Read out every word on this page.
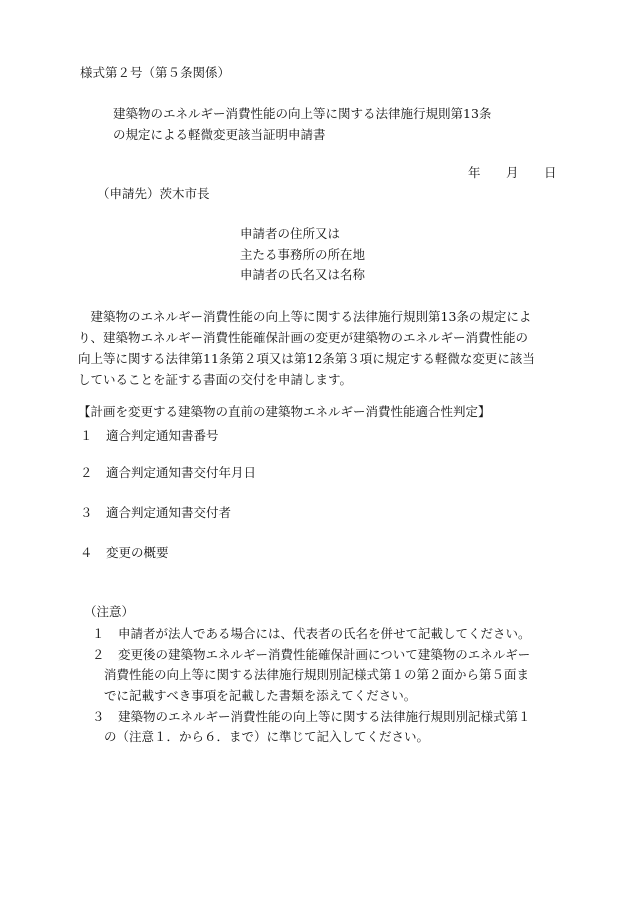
様式第２号（第５条関係）
建築物のエネルギー消費性能の向上等に関する法律施行規則第13条
の規定による軽微変更該当証明申請書
年	月	日
（申請先）茨木市長
申請者の住所又は
主たる事務所の所在地
申請者の氏名又は名称
　建築物のエネルギー消費性能の向上等に関する法律施行規則第13条の規定によ
り、建築物エネルギー消費性能確保計画の変更が建築物のエネルギー消費性能の
向上等に関する法律第11条第２項又は第12条第３項に規定する軽微な変更に該当
していることを証する書面の交付を申請します。
【計画を変更する建築物の直前の建築物エネルギー消費性能適合性判定】
１	適合判定通知書番号
２	適合判定通知書交付年月日
３	適合判定通知書交付者
４	変更の概要
（注意）
１	申請者が法人である場合には、代表者の氏名を併せて記載してください。
２	変更後の建築物エネルギー消費性能確保計画について建築物のエネルギー
消費性能の向上等に関する法律施行規則別記様式第１の第２面から第５面ま
でに記載すべき事項を記載した書類を添えてください。
３	建築物のエネルギー消費性能の向上等に関する法律施行規則別記様式第１
の（注意１．から６．まで）に準じて記入してください。
